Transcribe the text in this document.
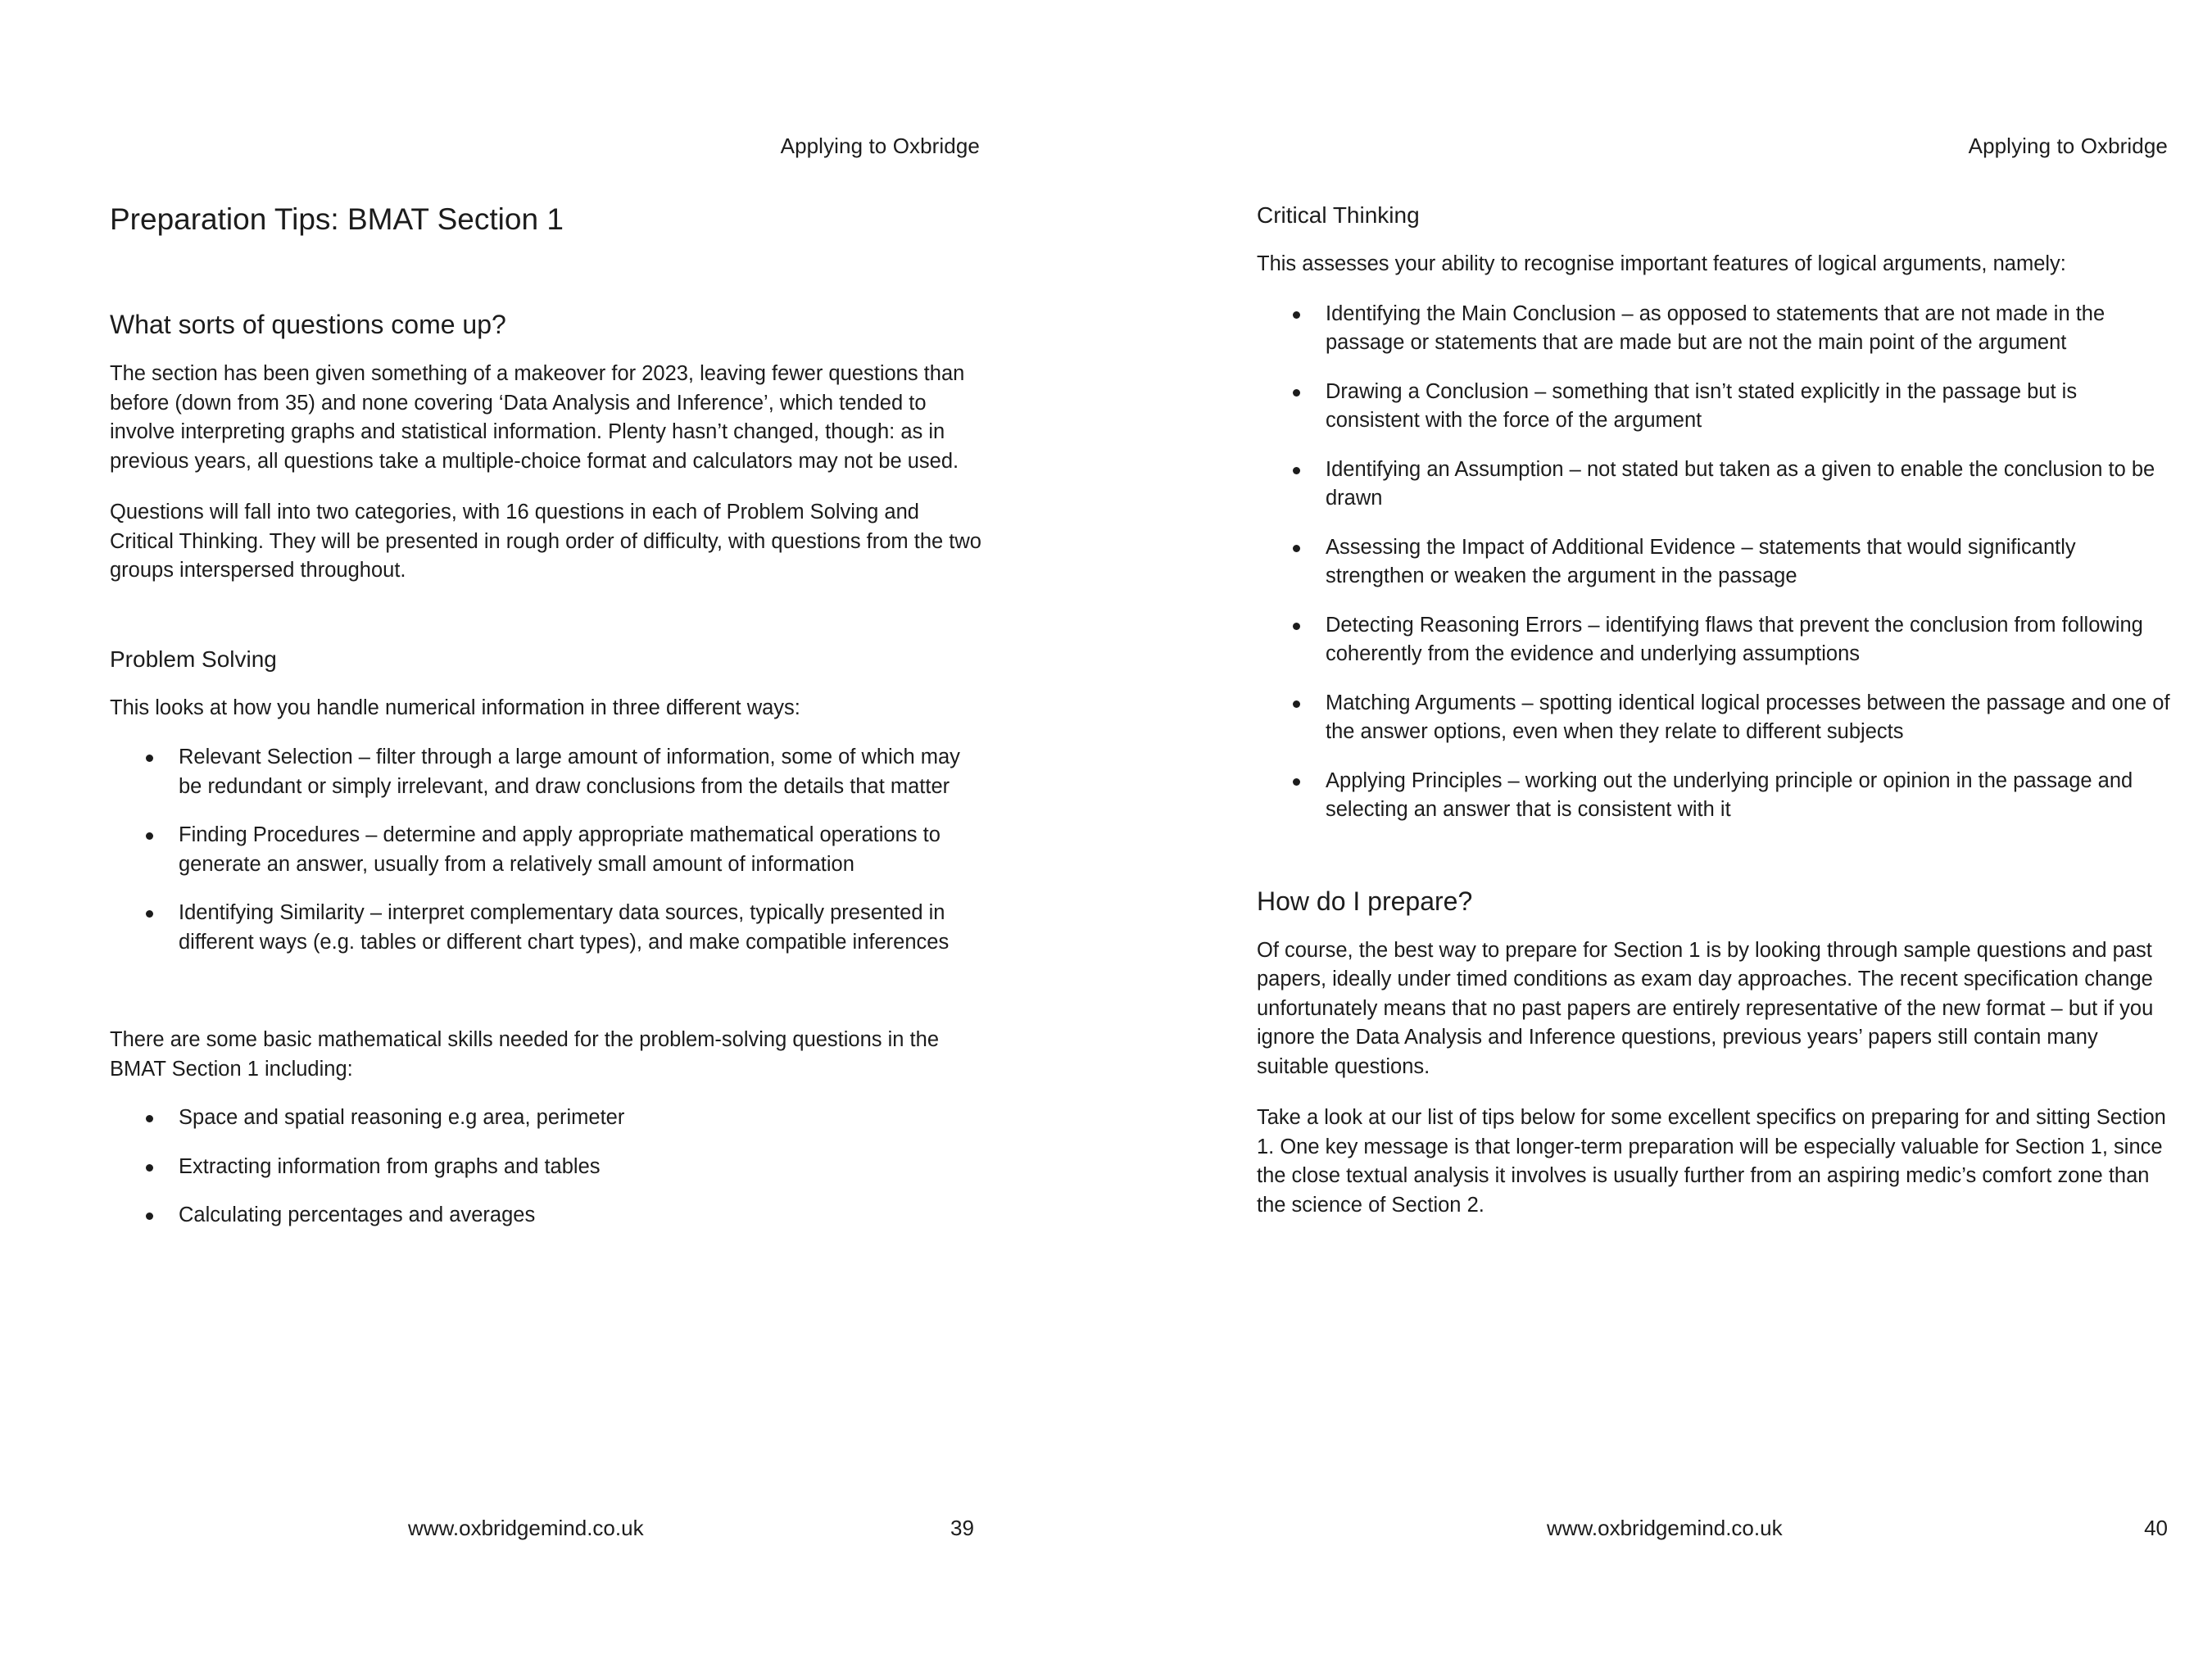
Applying to Oxbridge
Preparation Tips: BMAT Section 1
What sorts of questions come up?

The section has been given something of a makeover for 2023, leaving fewer questions than before (down from 35) and none covering ‘Data Analysis and Inference’, which tended to involve interpreting graphs and statistical information. Plenty hasn’t changed, though: as in previous years, all questions take a multiple-choice format and calculators may not be used.

Questions will fall into two categories, with 16 questions in each of Problem Solving and Critical Thinking. They will be presented in rough order of difficulty, with questions from the two groups interspersed throughout.

Problem Solving

This looks at how you handle numerical information in three different ways:

Relevant Selection – filter through a large amount of information, some of which may be redundant or simply irrelevant, and draw conclusions from the details that matter
Finding Procedures – determine and apply appropriate mathematical operations to generate an answer, usually from a relatively small amount of information
Identifying Similarity – interpret complementary data sources, typically presented in different ways (e.g. tables or different chart types), and make compatible inferences

There are some basic mathematical skills needed for the problem-solving questions in the BMAT Section 1 including:

Space and spatial reasoning e.g area, perimeter
Extracting information from graphs and tables
Calculating percentages and averages
www.oxbridgemind.co.uk	39
Applying to Oxbridge
Critical Thinking

This assesses your ability to recognise important features of logical arguments, namely:

Identifying the Main Conclusion – as opposed to statements that are not made in the passage or statements that are made but are not the main point of the argument
Drawing a Conclusion – something that isn’t stated explicitly in the passage but is consistent with the force of the argument
Identifying an Assumption – not stated but taken as a given to enable the conclusion to be drawn
Assessing the Impact of Additional Evidence – statements that would significantly strengthen or weaken the argument in the passage
Detecting Reasoning Errors – identifying flaws that prevent the conclusion from following coherently from the evidence and underlying assumptions
Matching Arguments – spotting identical logical processes between the passage and one of the answer options, even when they relate to different subjects
Applying Principles – working out the underlying principle or opinion in the passage and selecting an answer that is consistent with it
How do I prepare?

Of course, the best way to prepare for Section 1 is by looking through sample questions and past papers, ideally under timed conditions as exam day approaches. The recent specification change unfortunately means that no past papers are entirely representative of the new format – but if you ignore the Data Analysis and Inference questions, previous years’ papers still contain many suitable questions.

Take a look at our list of tips below for some excellent specifics on preparing for and sitting Section 1. One key message is that longer-term preparation will be especially valuable for Section 1, since the close textual analysis it involves is usually further from an aspiring medic’s comfort zone than the science of Section 2.

www.oxbridgemind.co.uk	40
